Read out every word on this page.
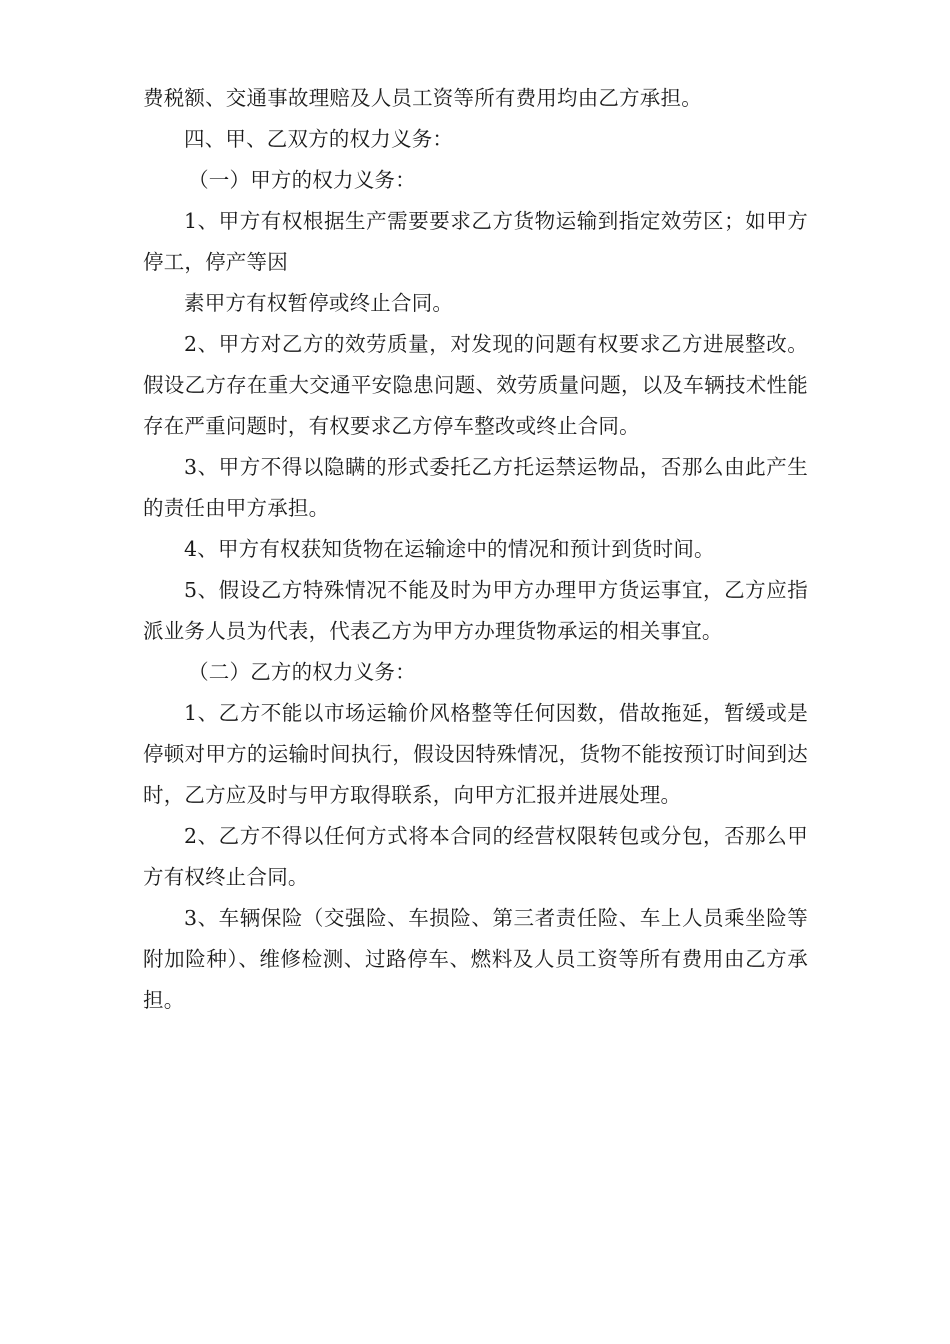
费税额、交通事故理赔及人员工资等所有费用均由乙方承担。

四、甲、乙双方的权力义务：

（一）甲方的权力义务：

1、甲方有权根据生产需要要求乙方货物运输到指定效劳区；如甲方停工，停产等因

素甲方有权暂停或终止合同。

2、甲方对乙方的效劳质量，对发现的问题有权要求乙方进展整改。假设乙方存在重大交通平安隐患问题、效劳质量问题，以及车辆技术性能存在严重问题时，有权要求乙方停车整改或终止合同。

3、甲方不得以隐瞒的形式委托乙方托运禁运物品，否那么由此产生的责任由甲方承担。

4、甲方有权获知货物在运输途中的情况和预计到货时间。

5、假设乙方特殊情况不能及时为甲方办理甲方货运事宜，乙方应指派业务人员为代表，代表乙方为甲方办理货物承运的相关事宜。

（二）乙方的权力义务：

1、乙方不能以市场运输价风格整等任何因数，借故拖延，暂缓或是停顿对甲方的运输时间执行，假设因特殊情况，货物不能按预订时间到达时，乙方应及时与甲方取得联系，向甲方汇报并进展处理。

2、乙方不得以任何方式将本合同的经营权限转包或分包，否那么甲方有权终止合同。

3、车辆保险（交强险、车损险、第三者责任险、车上人员乘坐险等附加险种）、维修检测、过路停车、燃料及人员工资等所有费用由乙方承担。
